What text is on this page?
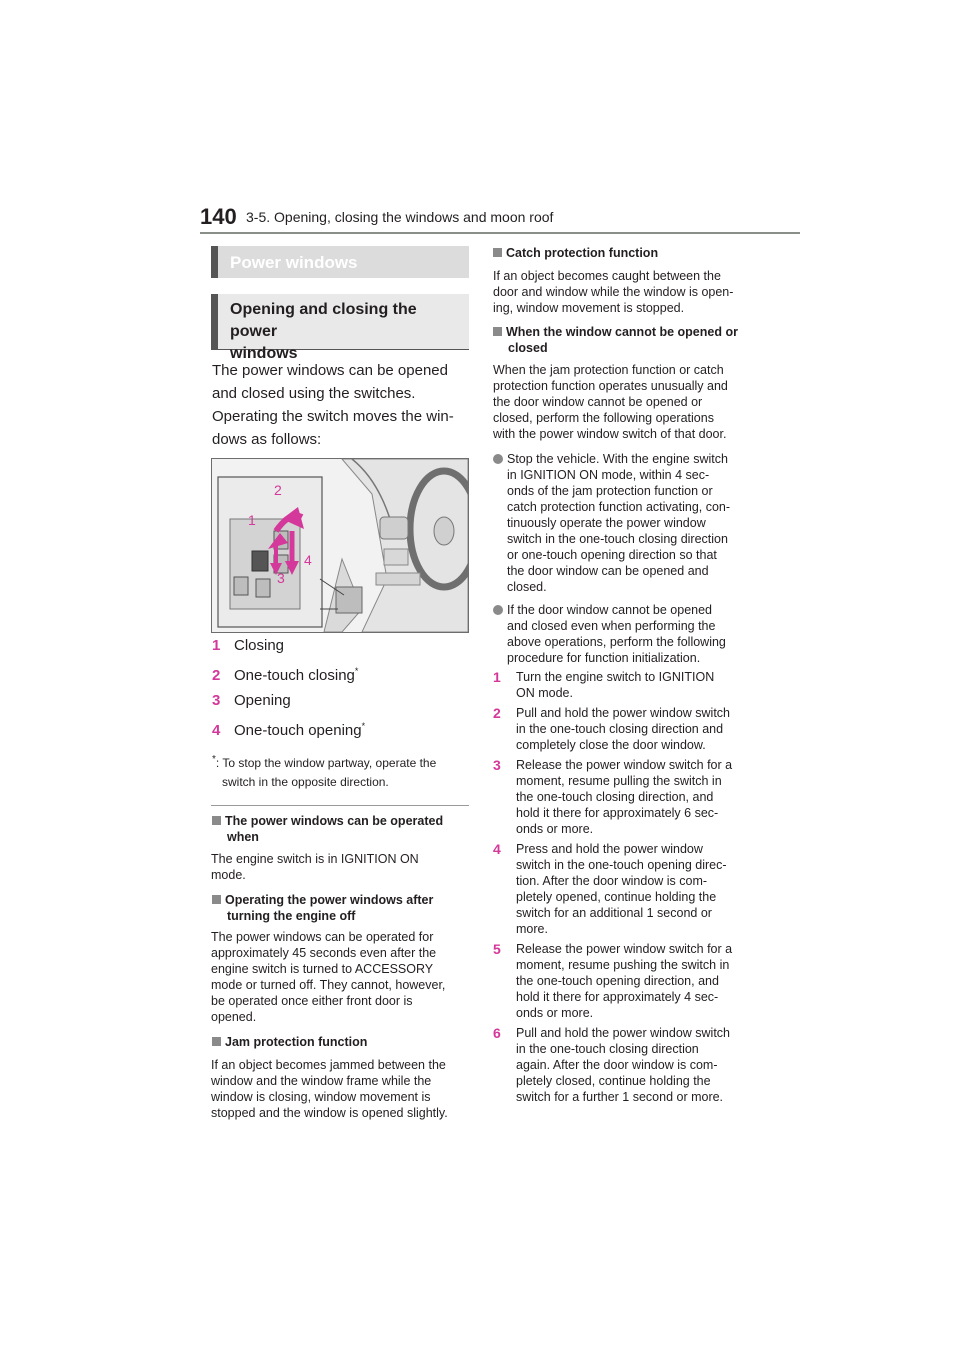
140 3-5. Opening, closing the windows and moon roof
Power windows
Opening and closing the power
windows
The power windows can be opened
and closed using the switches.
Operating the switch moves the win-
dows as follows:
1
2
3
4
1 Closing
2 One-touch closing*
3 Opening
4 One-touch opening*
*: To stop the window partway, operate the
switch in the opposite direction.
The power windows can be operated
when
The engine switch is in IGNITION ON
mode.
Operating the power windows after
turning the engine off
The power windows can be operated for
approximately 45 seconds even after the
engine switch is turned to ACCESSORY
mode or turned off. They cannot, however,
be operated once either front door is
opened.
Jam protection function
If an object becomes jammed between the
window and the window frame while the
window is closing, window movement is
stopped and the window is opened slightly.
Catch protection function
If an object becomes caught between the
door and window while the window is open-
ing, window movement is stopped.
When the window cannot be opened or
closed
When the jam protection function or catch
protection function operates unusually and
the door window cannot be opened or
closed, perform the following operations
with the power window switch of that door.
Stop the vehicle. With the engine switch
in IGNITION ON mode, within 4 sec-
onds of the jam protection function or
catch protection function activating, con-
tinuously operate the power window
switch in the one-touch closing direction
or one-touch opening direction so that
the door window can be opened and
closed.
If the door window cannot be opened
and closed even when performing the
above operations, perform the following
procedure for function initialization.
1 Turn the engine switch to IGNITION
ON mode.
2 Pull and hold the power window switch
in the one-touch closing direction and
completely close the door window.
3 Release the power window switch for a
moment, resume pulling the switch in
the one-touch closing direction, and
hold it there for approximately 6 sec-
onds or more.
4 Press and hold the power window
switch in the one-touch opening direc-
tion. After the door window is com-
pletely opened, continue holding the
switch for an additional 1 second or
more.
5 Release the power window switch for a
moment, resume pushing the switch in
the one-touch opening direction, and
hold it there for approximately 4 sec-
onds or more.
6 Pull and hold the power window switch
in the one-touch closing direction
again. After the door window is com-
pletely closed, continue holding the
switch for a further 1 second or more.
